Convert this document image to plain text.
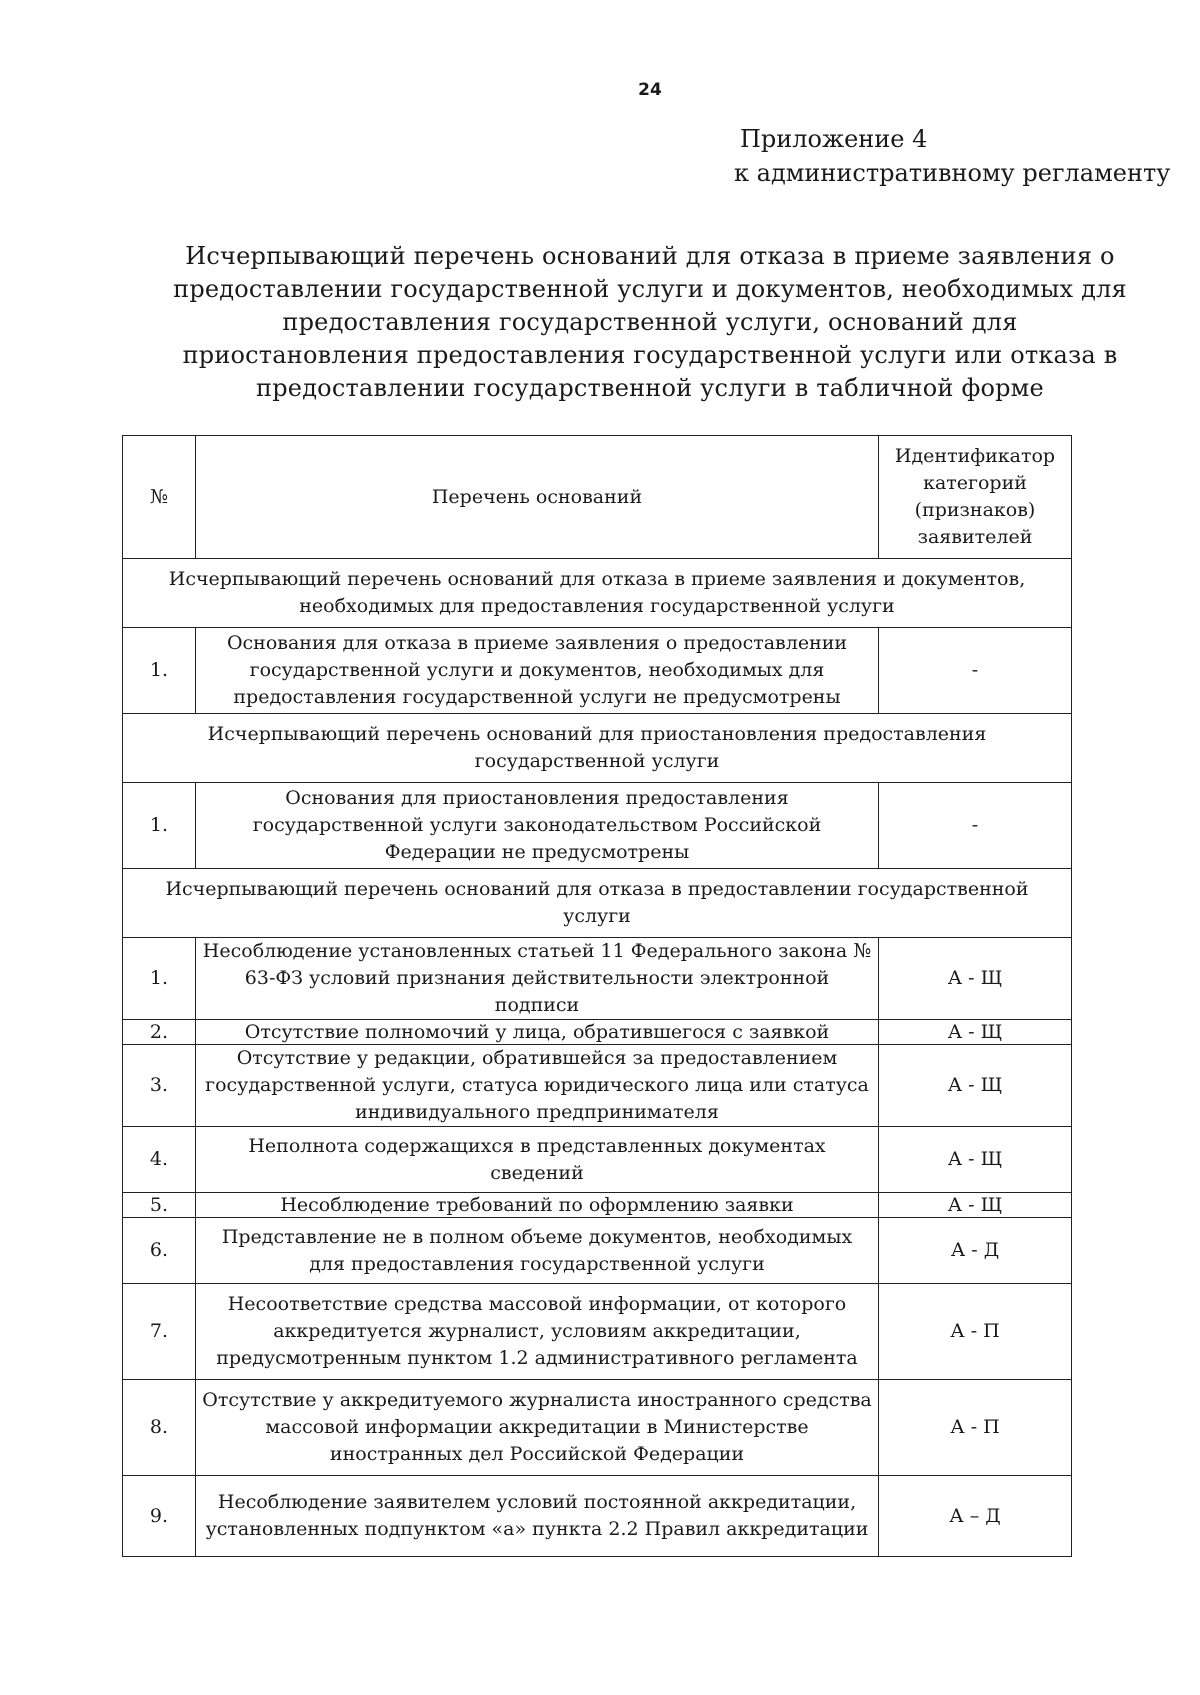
24
Приложение 4
к административному регламенту
Исчерпывающий перечень оснований для отказа в приеме заявления о предоставлении государственной услуги и документов, необходимых для предоставления государственной услуги, оснований для приостановления предоставления государственной услуги или отказа в предоставлении государственной услуги в табличной форме
№	Перечень оснований	Идентификатор категорий (признаков) заявителей
Исчерпывающий перечень оснований для отказа в приеме заявления и документов, необходимых для предоставления государственной услуги		
1.	Основания для отказа в приеме заявления о предоставлении государственной услуги и документов, необходимых для предоставления государственной услуги не предусмотрены	-
Исчерпывающий перечень оснований для приостановления предоставления государственной услуги		
1.	Основания для приостановления предоставления государственной услуги законодательством Российской Федерации не предусмотрены	-
Исчерпывающий перечень оснований для отказа в предоставлении государственной услуги		
1.	Несоблюдение установленных статьей 11 Федерального закона № 63-ФЗ условий признания действительности электронной подписи	А - Щ
2.	Отсутствие полномочий у лица, обратившегося с заявкой	А - Щ
3.	Отсутствие у редакции, обратившейся за предоставлением государственной услуги, статуса юридического лица или статуса индивидуального предпринимателя	А - Щ
4.	Неполнота содержащихся в представленных документах сведений	А - Щ
5.	Несоблюдение требований по оформлению заявки	А - Щ
6.	Представление не в полном объеме документов, необходимых для предоставления государственной услуги	А - Д
7.	Несоответствие средства массовой информации, от которого аккредитуется журналист, условиям аккредитации, предусмотренным пунктом 1.2 административного регламента	А - П
8.	Отсутствие у аккредитуемого журналиста иностранного средства массовой информации аккредитации в Министерстве иностранных дел Российской Федерации	А - П
9.	Несоблюдение заявителем условий постоянной аккредитации, установленных подпунктом «а» пункта 2.2 Правил аккредитации	А – Д
